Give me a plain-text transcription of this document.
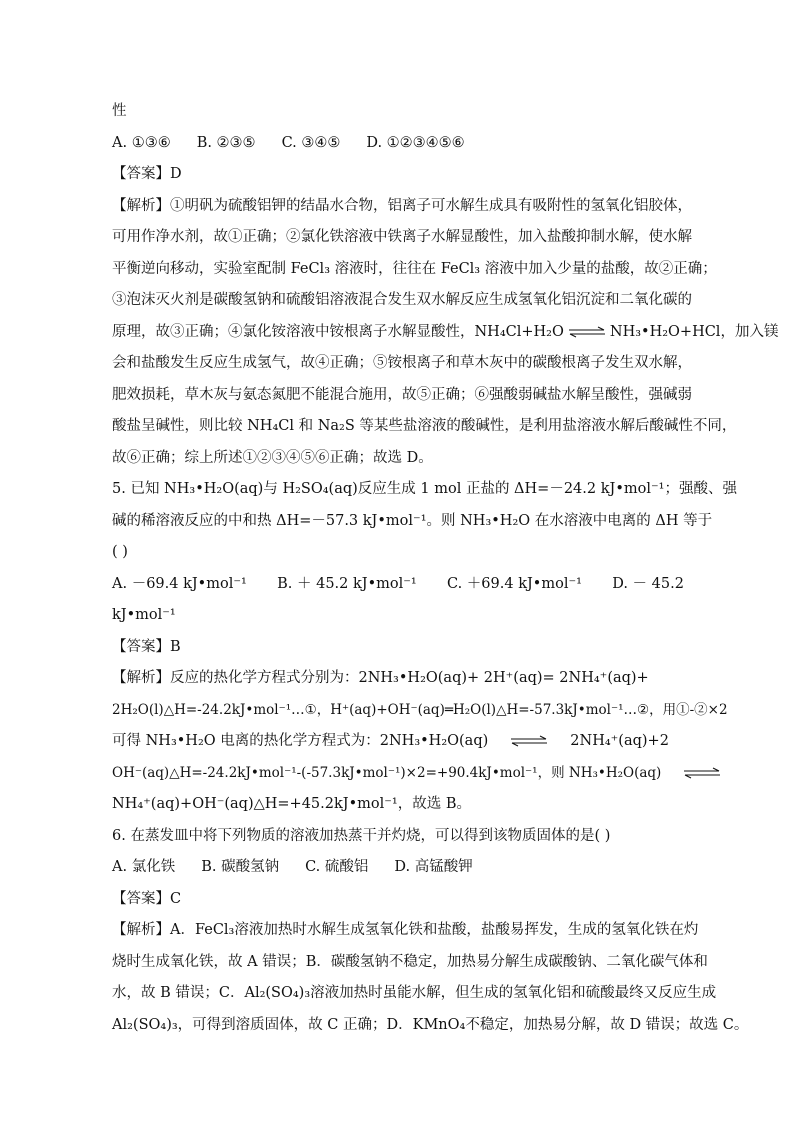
性
A. ①③⑥ B. ②③⑤ C. ③④⑤ D. ①②③④⑤⑥
【答案】D
【解析】①明矾为硫酸铝钾的结晶水合物，铝离子可水解生成具有吸附性的氢氧化铝胶体，
可用作净水剂，故①正确；②氯化铁溶液中铁离子水解显酸性，加入盐酸抑制水解，使水解
平衡逆向移动，实验室配制 FeCl₃ 溶液时，往往在 FeCl₃ 溶液中加入少量的盐酸，故②正确；
③泡沫灭火剂是碳酸氢钠和硫酸铝溶液混合发生双水解反应生成氢氧化铝沉淀和二氧化碳的
原理，故③正确；④氯化铵溶液中铵根离子水解显酸性，NH₄Cl+H₂O ⇌ NH₃•H₂O+HCl，加入镁
会和盐酸发生反应生成氢气，故④正确；⑤铵根离子和草木灰中的碳酸根离子发生双水解，
肥效损耗，草木灰与氨态氮肥不能混合施用，故⑤正确；⑥强酸弱碱盐水解呈酸性，强碱弱
酸盐呈碱性，则比较 NH₄Cl 和 Na₂S 等某些盐溶液的酸碱性，是利用盐溶液水解后酸碱性不同，
故⑥正确；综上所述①②③④⑤⑥正确；故选 D。
5. 已知 NH₃•H₂O(aq)与 H₂SO₄(aq)反应生成 1 mol 正盐的 ΔH=－24.2 kJ•mol⁻¹；强酸、强
碱的稀溶液反应的中和热 ΔH=－57.3 kJ•mol⁻¹。则 NH₃•H₂O 在水溶液中电离的 ΔH 等于
( )
A. －69.4 kJ•mol⁻¹ B. ＋ 45.2 kJ•mol⁻¹ C. ＋69.4 kJ•mol⁻¹ D. － 45.2
kJ•mol⁻¹
【答案】B
【解析】反应的热化学方程式分别为：2NH₃•H₂O(aq)+ 2H⁺(aq)= 2NH₄⁺(aq)+
2H₂O(l)△H=-24.2kJ•mol⁻¹…①，H⁺(aq)+OH⁻(aq)═H₂O(l)△H=-57.3kJ•mol⁻¹…②，用①-②×2
可得 NH₃•H₂O 电离的热化学方程式为：2NH₃•H₂O(aq)	2NH₄⁺(aq)+2
OH⁻(aq)△H=-24.2kJ•mol⁻¹-(-57.3kJ•mol⁻¹)×2=+90.4kJ•mol⁻¹，则 NH₃•H₂O(aq)
NH₄⁺(aq)+OH⁻(aq)△H=+45.2kJ•mol⁻¹，故选 B。
6. 在蒸发皿中将下列物质的溶液加热蒸干并灼烧，可以得到该物质固体的是( )
A. 氯化铁 B. 碳酸氢钠 C. 硫酸铝 D. 高锰酸钾
【答案】C
【解析】A．FeCl₃溶液加热时水解生成氢氧化铁和盐酸，盐酸易挥发，生成的氢氧化铁在灼
烧时生成氧化铁，故 A 错误；B．碳酸氢钠不稳定，加热易分解生成碳酸钠、二氧化碳气体和
水，故 B 错误；C．Al₂(SO₄)₃溶液加热时虽能水解，但生成的氢氧化铝和硫酸最终又反应生成
Al₂(SO₄)₃，可得到溶质固体，故 C 正确；D．KMnO₄不稳定，加热易分解，故 D 错误；故选 C。
